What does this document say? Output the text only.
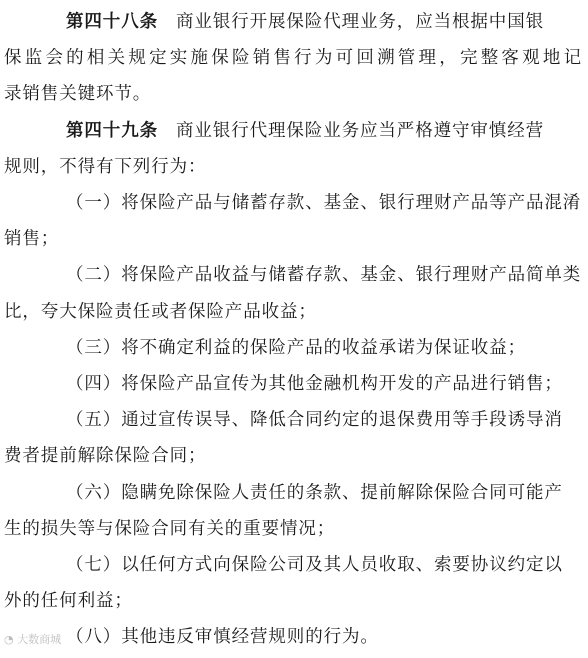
第四十八条 商业银行开展保险代理业务，应当根据中国银
保监会的相关规定实施保险销售行为可回溯管理，完整客观地记
录销售关键环节。
第四十九条 商业银行代理保险业务应当严格遵守审慎经营
规则，不得有下列行为：
（一）将保险产品与储蓄存款、基金、银行理财产品等产品混淆
销售；
（二）将保险产品收益与储蓄存款、基金、银行理财产品简单类
比，夸大保险责任或者保险产品收益；
（三）将不确定利益的保险产品的收益承诺为保证收益；
（四）将保险产品宣传为其他金融机构开发的产品进行销售；
（五）通过宣传误导、降低合同约定的退保费用等手段诱导消
费者提前解除保险合同；
（六）隐瞒免除保险人责任的条款、提前解除保险合同可能产
生的损失等与保险合同有关的重要情况；
（七）以任何方式向保险公司及其人员收取、索要协议约定以
外的任何利益；
◔ 大数商城 （八）其他违反审慎经营规则的行为。
